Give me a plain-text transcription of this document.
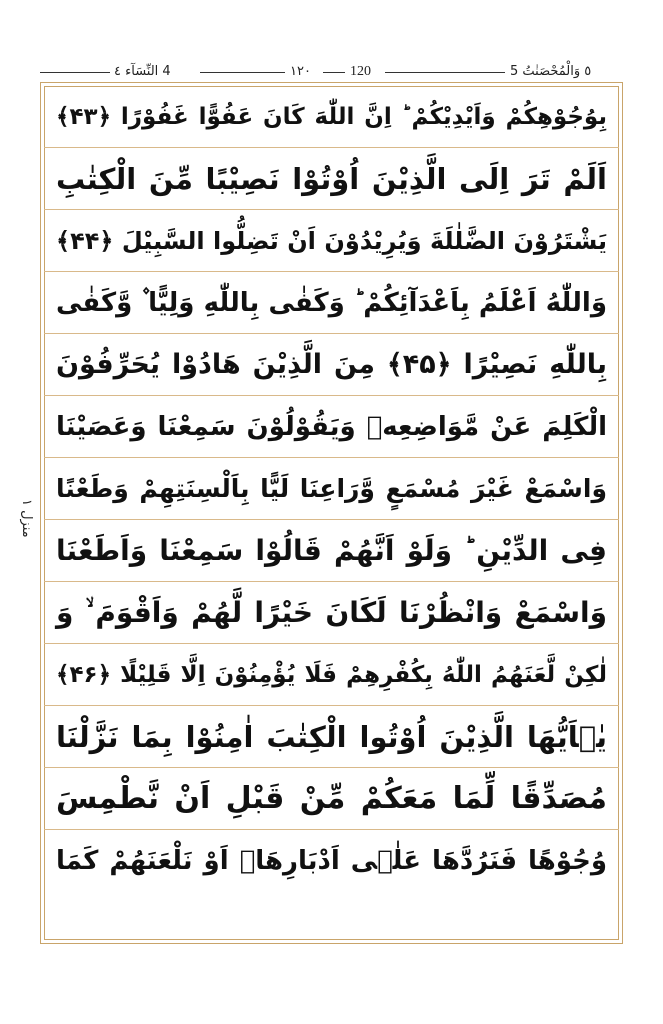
4 النِّسَآء ٤	١٢٠	120	٥ وَالْمُحْصَنٰتُ 5
منزل ١
بِوُجُوْهِكُمْ وَاَيْدِيْكُمْ ؕ اِنَّ اللّٰهَ كَانَ عَفُوًّا غَفُوْرًا ﴿۴۳﴾
اَلَمْ تَرَ اِلَى الَّذِيْنَ اُوْتُوْا نَصِيْبًا مِّنَ الْكِتٰبِ
يَشْتَرُوْنَ الضَّلٰلَةَ وَيُرِيْدُوْنَ اَنْ تَضِلُّوا السَّبِيْلَ ﴿۴۴﴾
وَاللّٰهُ اَعْلَمُ بِاَعْدَآئِكُمْ ؕ وَكَفٰى بِاللّٰهِ وَلِيًّا ۫ وَّكَفٰى
بِاللّٰهِ نَصِيْرًا ﴿۴۵﴾ مِنَ الَّذِيْنَ هَادُوْا يُحَرِّفُوْنَ
الْكَلِمَ عَنْ مَّوَاضِعِهٖ وَيَقُوْلُوْنَ سَمِعْنَا وَعَصَيْنَا
وَاسْمَعْ غَيْرَ مُسْمَعٍ وَّرَاعِنَا لَيًّا بِاَلْسِنَتِهِمْ وَطَعْنًا
فِى الدِّيْنِ ؕ وَلَوْ اَنَّهُمْ قَالُوْا سَمِعْنَا وَاَطَعْنَا
وَاسْمَعْ وَانْظُرْنَا لَكَانَ خَيْرًا لَّهُمْ وَاَقْوَمَ ۙ وَ
لٰكِنْ لَّعَنَهُمُ اللّٰهُ بِكُفْرِهِمْ فَلَا يُؤْمِنُوْنَ اِلَّا قَلِيْلًا ﴿۴۶﴾
يٰۤاَيُّهَا الَّذِيْنَ اُوْتُوا الْكِتٰبَ اٰمِنُوْا بِمَا نَزَّلْنَا
مُصَدِّقًا لِّمَا مَعَكُمْ مِّنْ قَبْلِ اَنْ نَّطْمِسَ
وُجُوْهًا فَنَرُدَّهَا عَلٰۤى اَدْبَارِهَاۤ اَوْ نَلْعَنَهُمْ كَمَا
